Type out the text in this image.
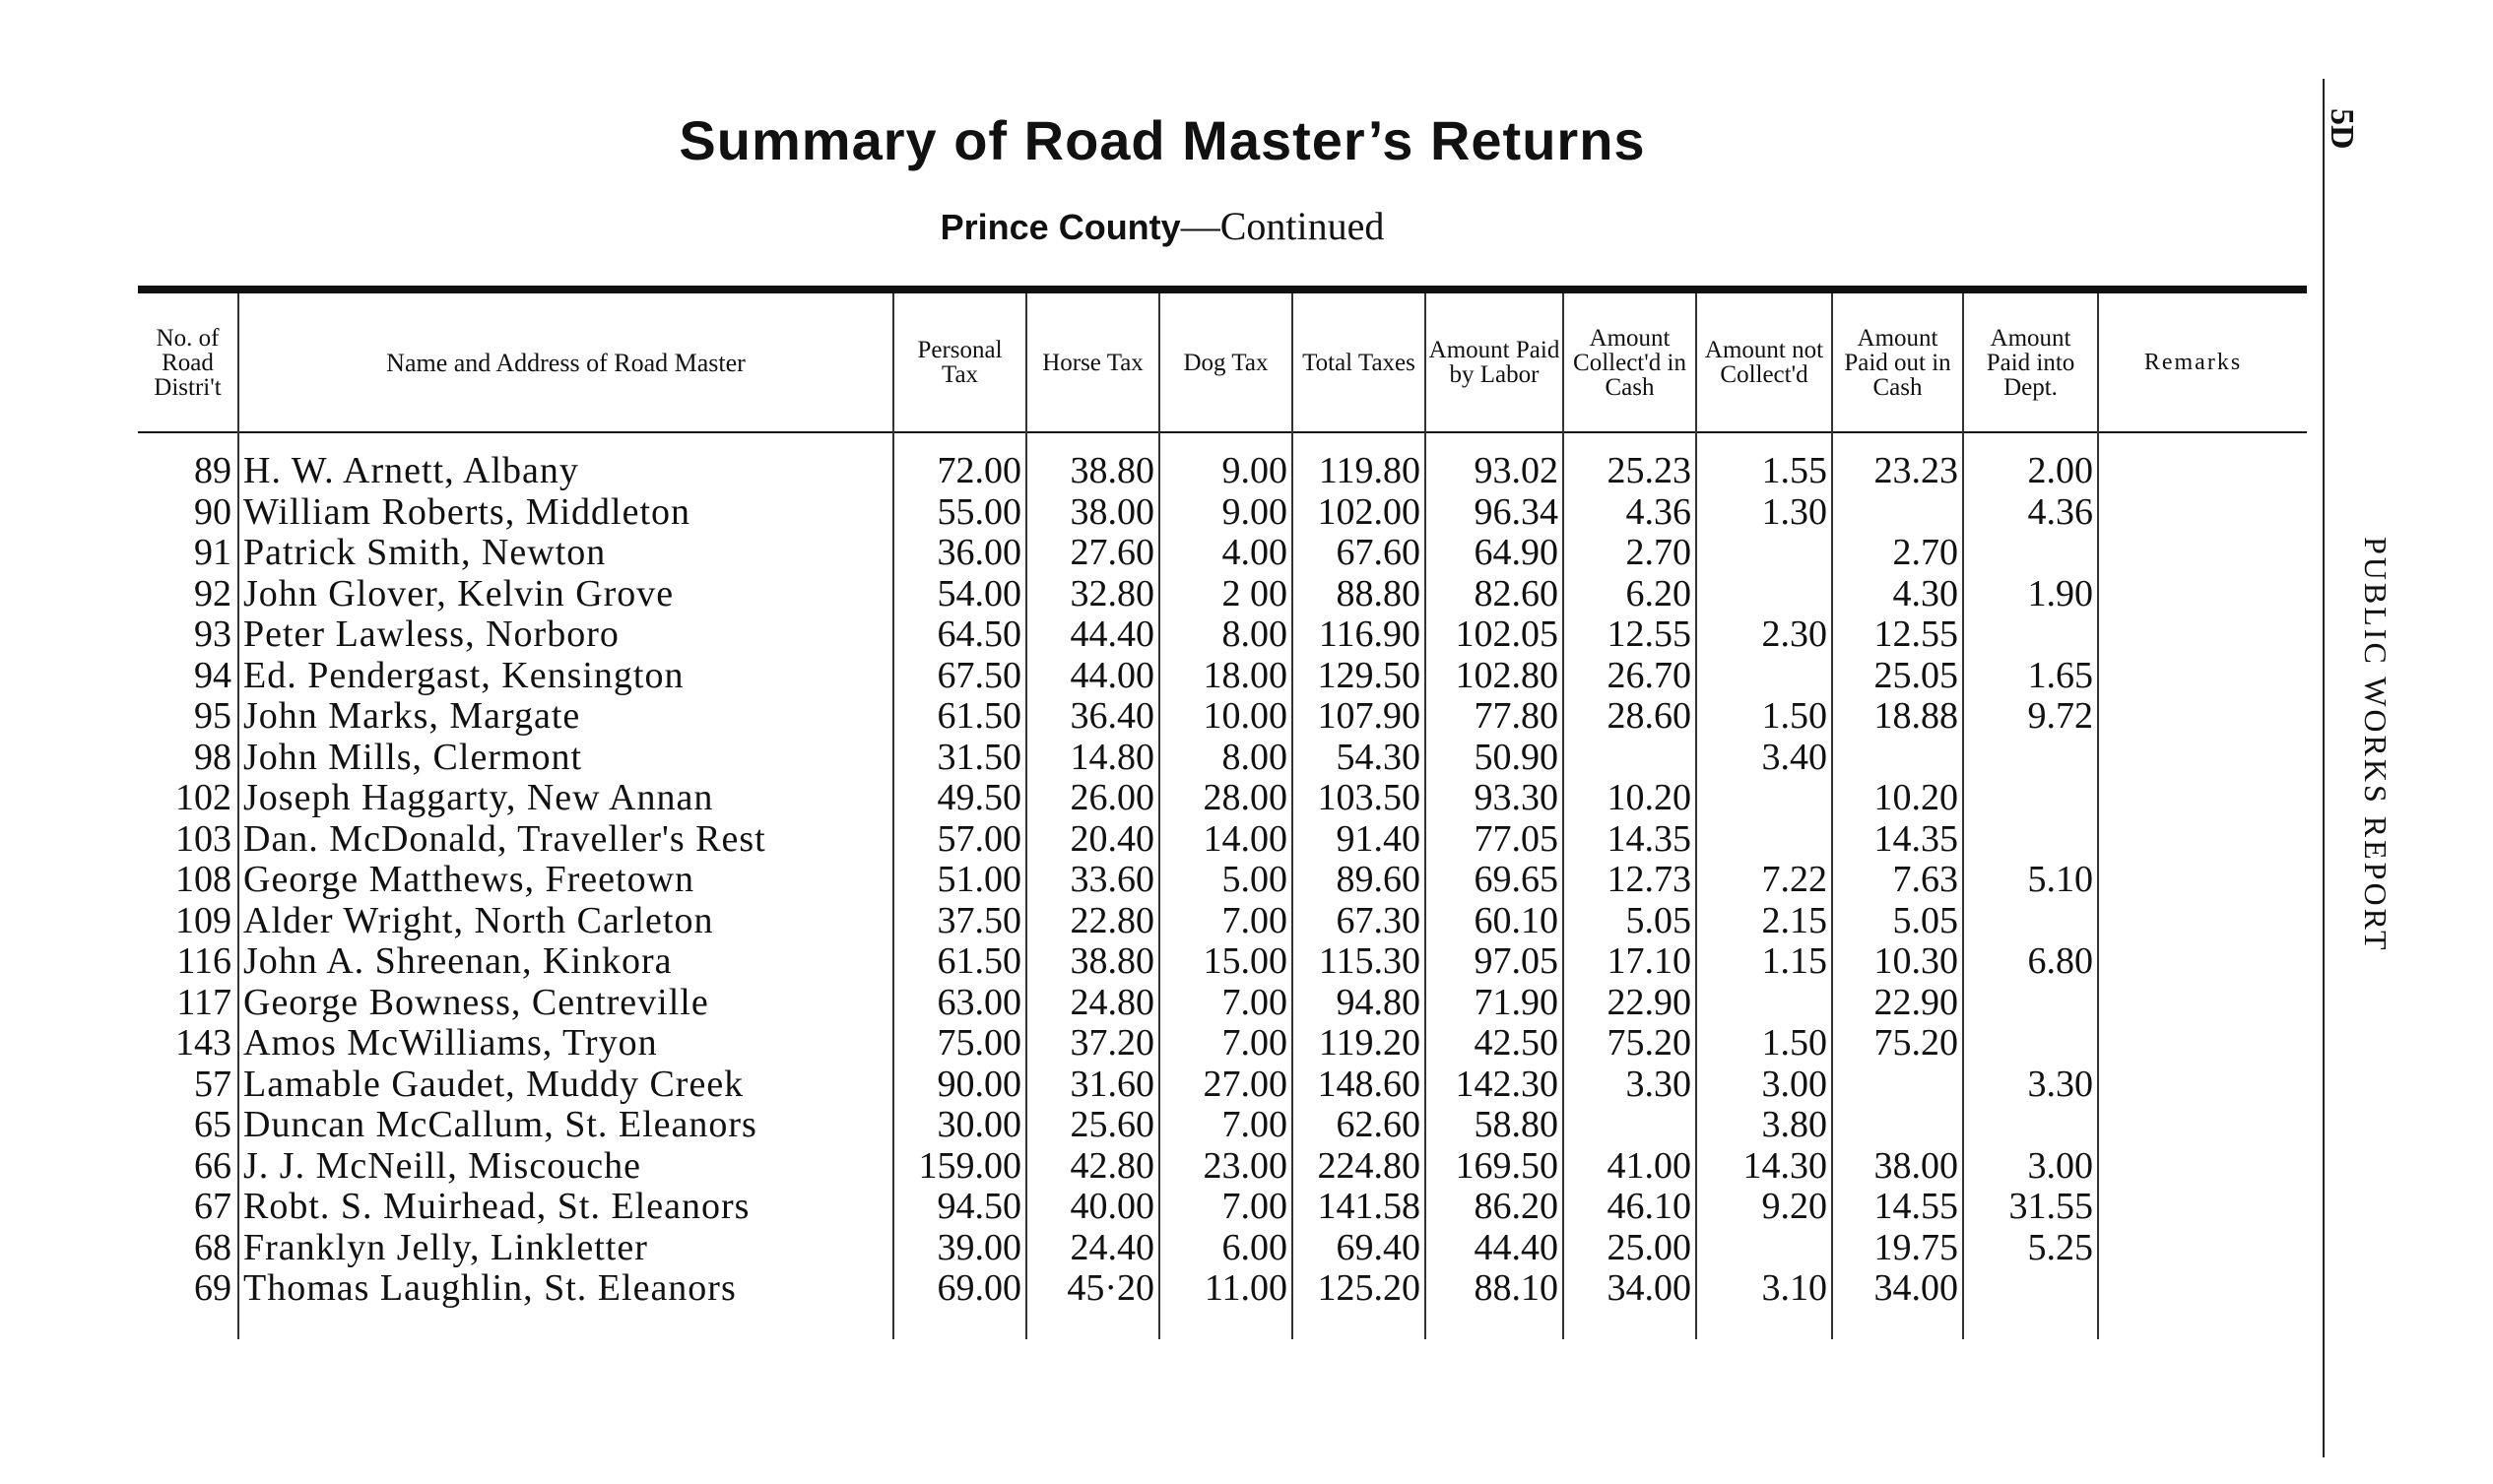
Summary of Road Master’s Returns
Prince County—Continued
5D
PUBLIC WORKS REPORT
No. of Road Distri't	Name and Address of Road Master	Personal Tax	Horse Tax	Dog Tax	Total Taxes	Amount Paid by Labor	Amount Collect'd in Cash	Amount not Collect'd	Amount Paid out in Cash	Amount Paid into Dept.	Remarks
89	H. W. Arnett, Albany	72.00	38.80	9.00	119.80	93.02	25.23	1.55	23.23	2.00	
90	William Roberts, Middleton	55.00	38.00	9.00	102.00	96.34	4.36	1.30		4.36	
91	Patrick Smith, Newton	36.00	27.60	4.00	67.60	64.90	2.70		2.70		
92	John Glover, Kelvin Grove	54.00	32.80	2 00	88.80	82.60	6.20		4.30	1.90	
93	Peter Lawless, Norboro	64.50	44.40	8.00	116.90	102.05	12.55	2.30	12.55		
94	Ed. Pendergast, Kensington	67.50	44.00	18.00	129.50	102.80	26.70		25.05	1.65	
95	John Marks, Margate	61.50	36.40	10.00	107.90	77.80	28.60	1.50	18.88	9.72	
98	John Mills, Clermont	31.50	14.80	8.00	54.30	50.90		3.40			
102	Joseph Haggarty, New Annan	49.50	26.00	28.00	103.50	93.30	10.20		10.20		
103	Dan. McDonald, Traveller's Rest	57.00	20.40	14.00	91.40	77.05	14.35		14.35		
108	George Matthews, Freetown	51.00	33.60	5.00	89.60	69.65	12.73	7.22	7.63	5.10	
109	Alder Wright, North Carleton	37.50	22.80	7.00	67.30	60.10	5.05	2.15	5.05		
116	John A. Shreenan, Kinkora	61.50	38.80	15.00	115.30	97.05	17.10	1.15	10.30	6.80	
117	George Bowness, Centreville	63.00	24.80	7.00	94.80	71.90	22.90		22.90		
143	Amos McWilliams, Tryon	75.00	37.20	7.00	119.20	42.50	75.20	1.50	75.20		
57	Lamable Gaudet, Muddy Creek	90.00	31.60	27.00	148.60	142.30	3.30	3.00		3.30	
65	Duncan McCallum, St. Eleanors	30.00	25.60	7.00	62.60	58.80		3.80			
66	J. J. McNeill, Miscouche	159.00	42.80	23.00	224.80	169.50	41.00	14.30	38.00	3.00	
67	Robt. S. Muirhead, St. Eleanors	94.50	40.00	7.00	141.58	86.20	46.10	9.20	14.55	31.55	
68	Franklyn Jelly, Linkletter	39.00	24.40	6.00	69.40	44.40	25.00		19.75	5.25	
69	Thomas Laughlin, St. Eleanors	69.00	45·20	11.00	125.20	88.10	34.00	3.10	34.00		
